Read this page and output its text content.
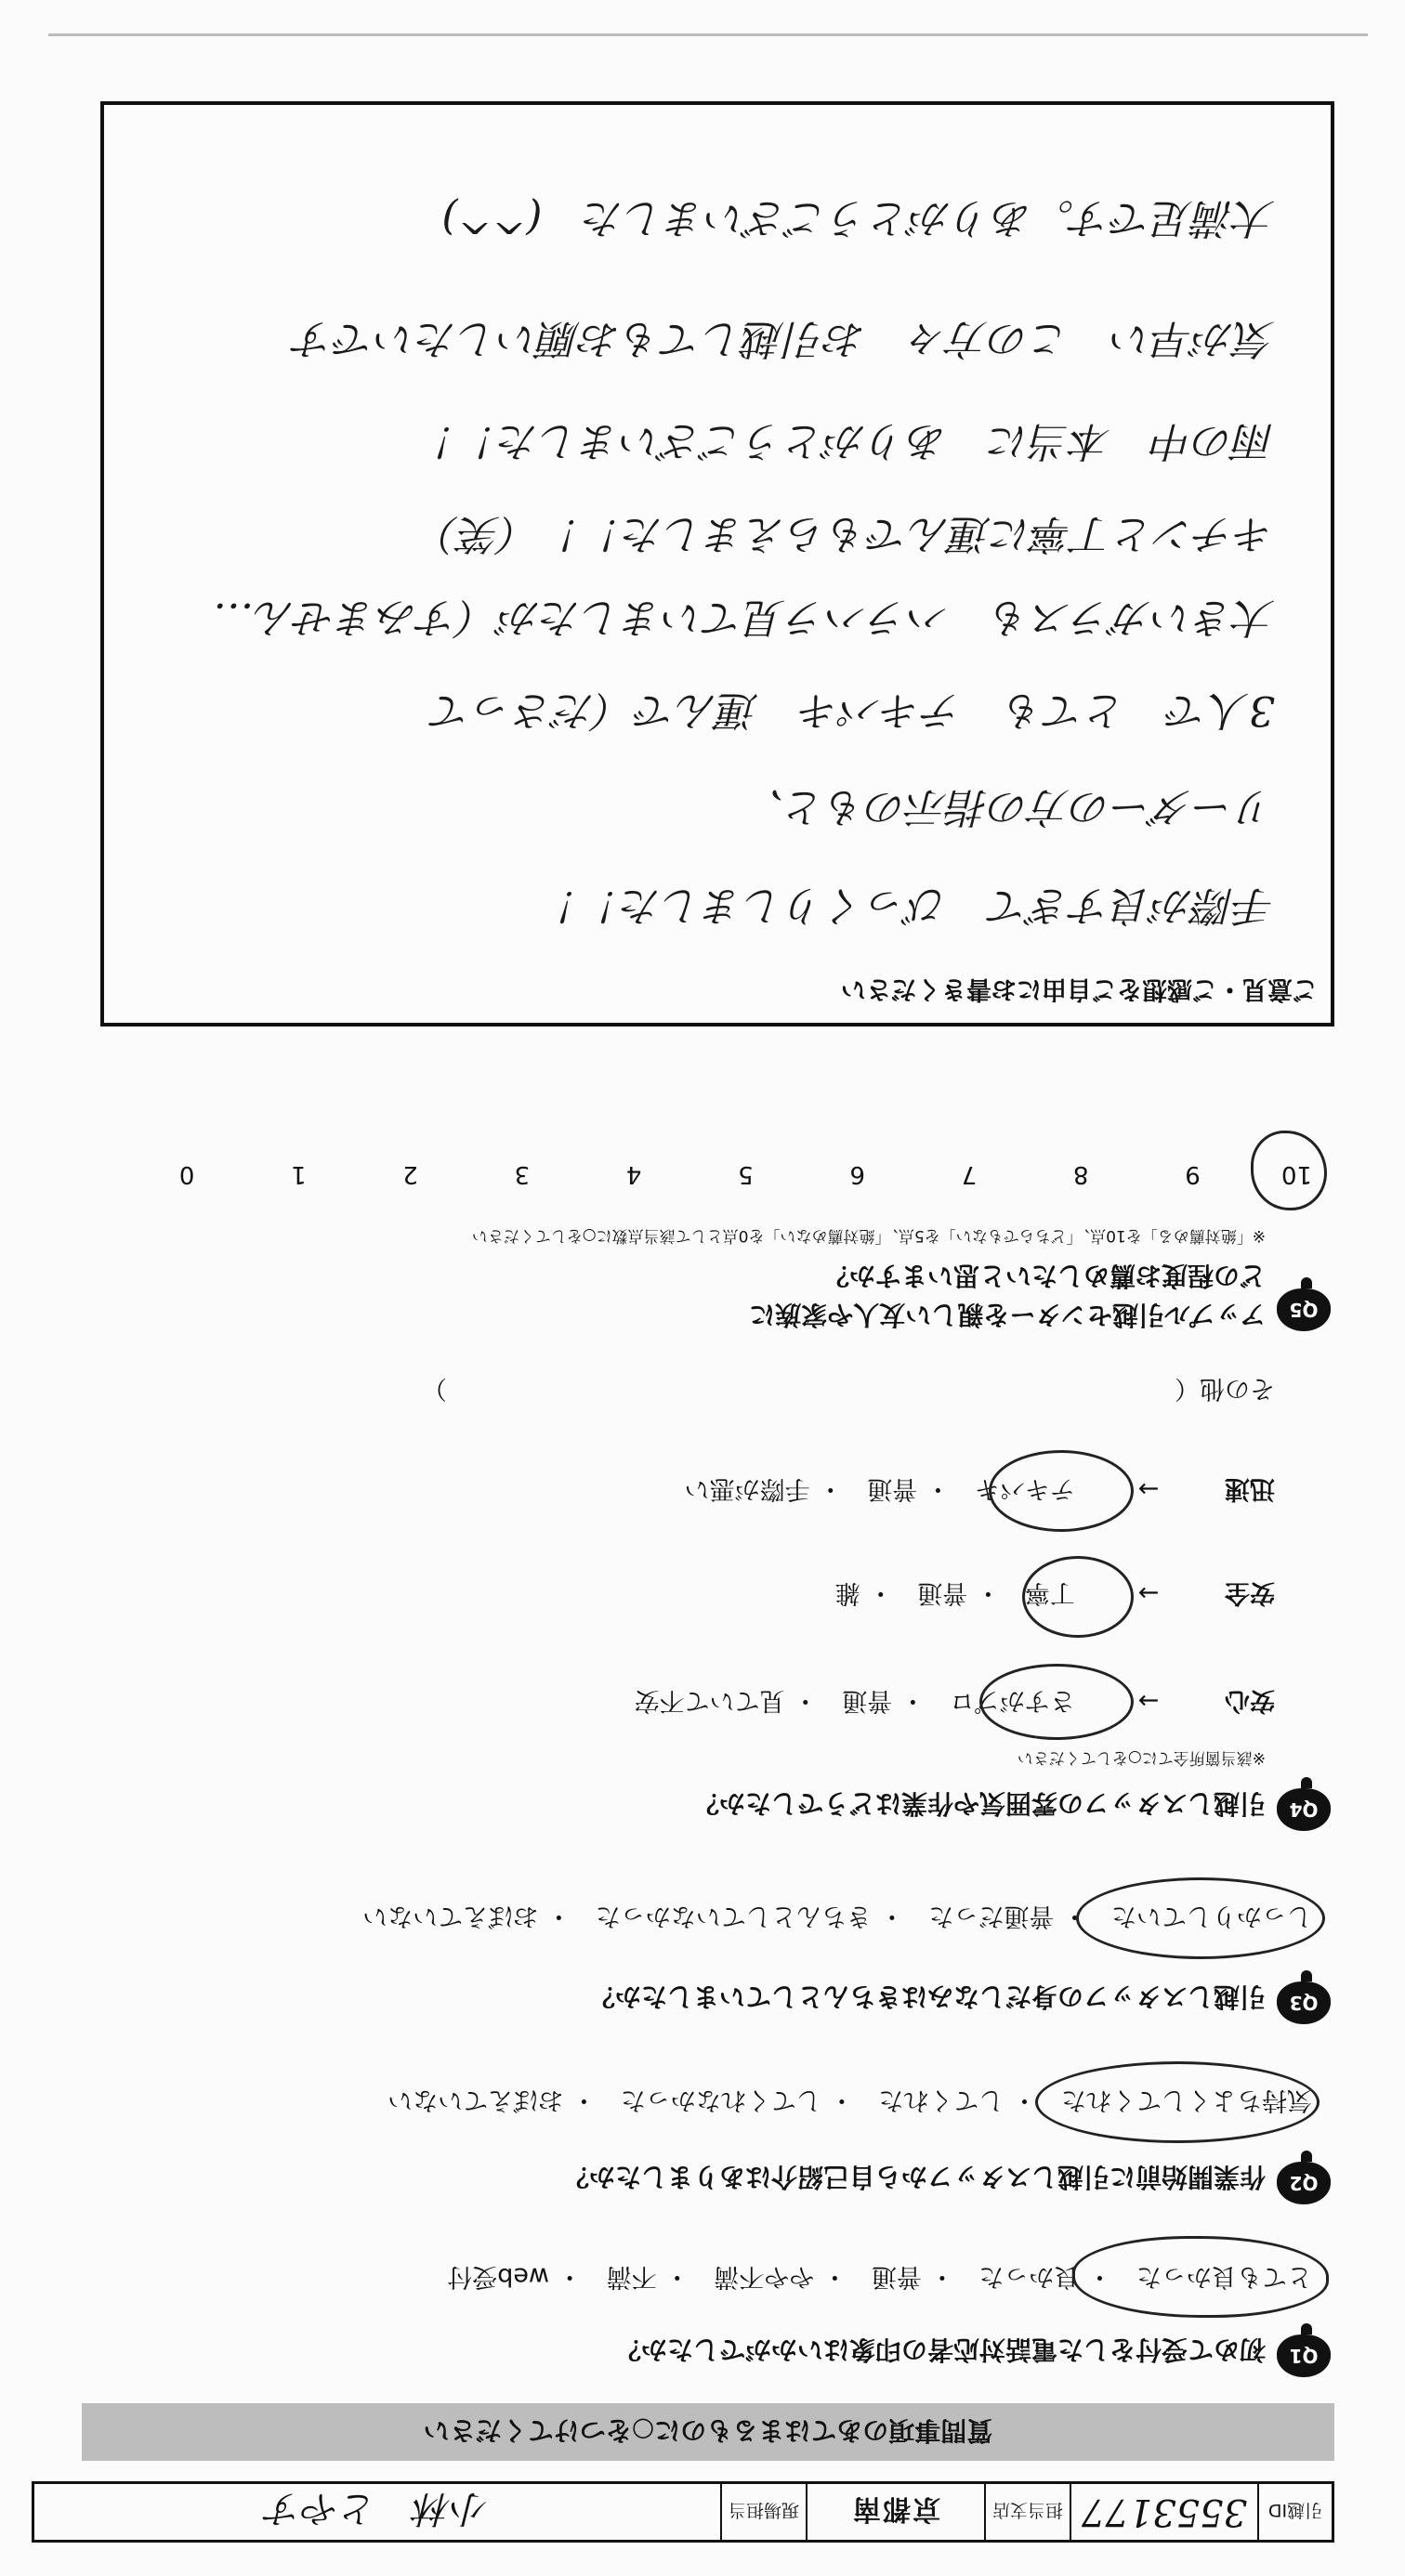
引越ID
3553177
担当支店
京都南
現場担当
小林　とやす
質問事項のあてはまるものに○をつけてください
Q1
初めて受付をした電話対応者の印象はいかがでしたか？
とても良かった・ 良かった・ 普通・ やや不満・ 不満・ web受付
Q2
作業開始前に引越しスタッフから自己紹介はありましたか？
気持ちよくしてくれた・ してくれた・ してくれなかった・ おぼえていない
Q3
引越しスタッフの身だしなみはきちんとしていましたか？
しっかりしていた・ 普通だった・ きちんとしていなかった・ おぼえていない
Q4
引越しスタッフの雰囲気や作業はどうでしたか？
※該当箇所全てに○をしてください
安心 → さすがプロ・ 普通・ 見ていて不安
安全 → 丁寧・ 普通・ 雑
迅速 → テキパキ・ 普通・ 手際が悪い
その他（　　　　　　　　　　　　　　　　　　　　　　　　　　　　　）
Q5
アップル引越センターを親しい友人や家族に
どの程度お薦めしたいと思いますか？
※「絶対薦める」を10点、「どちらでもない」を5点、「絶対薦めない」を0点として該当点数に○をしてください
10 9 8 7 6 5 4 3 2 1 0
ご意見・ご感想をご自由にお書きください
手際が良すぎて　びっくりしました！！
リーダーの方の指示のもと、
3人で　とても　テキパキ　運んで（ださって
大きいガラスも　ハラハラ見ていましたが（すみません…
キチンと丁寧に運んでもらえました！！（笑）
雨の中　本当に　ありがとうございました！！
気が早い　この方々　お引越してもお願いしたいです
大満足です。ありがとうございました　(^^)
